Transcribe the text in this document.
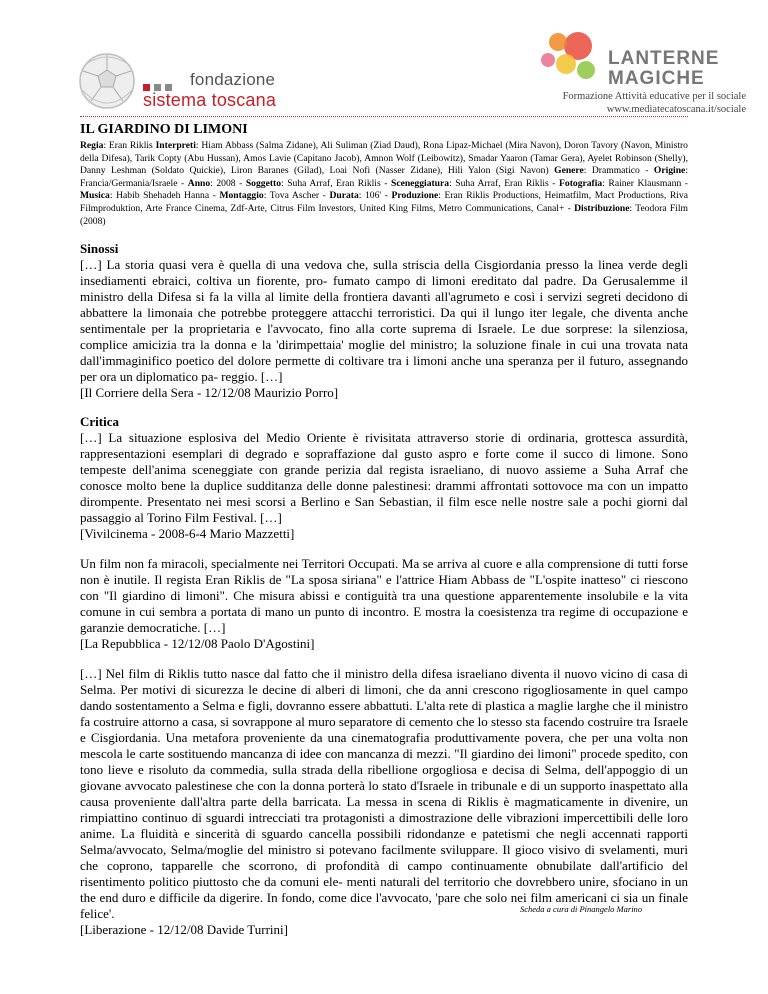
fondazione
sistema toscana
LANTERNE
MAGICHE
Formazione Attività educative per il sociale
www.mediatecatoscana.it/sociale
IL GIARDINO DI LIMONI

Regia: Eran Riklis Interpreti: Hiam Abbass (Salma Zidane), Ali Suliman (Ziad Daud), Rona Lipaz-Michael (Mira Navon), Doron Tavory (Navon, Ministro della Difesa), Tarik Copty (Abu Hussan), Amos Lavie (Capitano Jacob), Amnon Wolf (Leibowitz), Smadar Yaaron (Tamar Gera), Ayelet Robinson (Shelly), Danny Leshman (Soldato Quickie), Liron Baranes (Gilad), Loai Nofi (Nasser Zidane), Hili Yalon (Sigi Navon) Genere: Drammatico - Origine: Francia/Germania/Israele - Anno: 2008 - Soggetto: Suha Arraf, Eran Riklis - Sceneggiatura: Suha Arraf, Eran Riklis - Fotografia: Rainer Klausmann - Musica: Habib Shehadeh Hanna - Montaggio: Tova Ascher - Durata: 106' - Produzione: Eran Riklis Productions, Heimatfilm, Mact Productions, Riva Filmproduktion, Arte France Cinema, Zdf-Arte, Citrus Film Investors, United King Films, Metro Communications, Canal+ - Distribuzione: Teodora Film (2008)

Sinossi

[…] La storia quasi vera è quella di una vedova che, sulla striscia della Cisgiordania presso la linea verde degli insediamenti ebraici, coltiva un fiorente, pro- fumato campo di limoni ereditato dal padre. Da Gerusalemme il ministro della Difesa si fa la villa al limite della frontiera davanti all'agrumeto e così i servizi segreti decidono di abbattere la limonaia che potrebbe proteggere attacchi terroristici. Da qui il lungo iter legale, che diventa anche sentimentale per la proprietaria e l'avvocato, fino alla corte suprema di Israele. Le due sorprese: la silenziosa, complice amicizia tra la donna e la 'dirimpettaia' moglie del ministro; la soluzione finale in cui una trovata nata dall'immaginifico poetico del dolore permette di coltivare tra i limoni anche una speranza per il futuro, assegnando per ora un diplomatico pa- reggio. […]

[Il Corriere della Sera - 12/12/08 Maurizio Porro]

Critica

[…] La situazione esplosiva del Medio Oriente è rivisitata attraverso storie di ordinaria, grottesca assurdità, rappresentazioni esemplari di degrado e sopraffazione dal gusto aspro e forte come il succo di limone. Sono tempeste dell'anima sceneggiate con grande perizia dal regista israeliano, di nuovo assieme a Suha Arraf che conosce molto bene la duplice sudditanza delle donne palestinesi: drammi affrontati sottovoce ma con un impatto dirompente. Presentato nei mesi scorsi a Berlino e San Sebastian, il film esce nelle nostre sale a pochi giorni dal passaggio al Torino Film Festival. […]

[Vivilcinema - 2008-6-4 Mario Mazzetti]

Un film non fa miracoli, specialmente nei Territori Occupati. Ma se arriva al cuore e alla comprensione di tutti forse non è inutile. Il regista Eran Riklis de "La sposa siriana" e l'attrice Hiam Abbass de "L'ospite inatteso" ci riescono con "Il giardino di limoni". Che misura abissi e contiguità tra una questione apparentemente insolubile e la vita comune in cui sembra a portata di mano un punto di incontro. E mostra la coesistenza tra regime di occupazione e garanzie democratiche. […]

[La Repubblica - 12/12/08 Paolo D'Agostini]

[…] Nel film di Riklis tutto nasce dal fatto che il ministro della difesa israeliano diventa il nuovo vicino di casa di Selma. Per motivi di sicurezza le decine di alberi di limoni, che da anni crescono rigogliosamente in quel campo dando sostentamento a Selma e figli, dovranno essere abbattuti. L'alta rete di plastica a maglie larghe che il ministro fa costruire attorno a casa, si sovrappone al muro separatore di cemento che lo stesso sta facendo costruire tra Israele e Cisgiordania. Una metafora proveniente da una cinematografia produttivamente povera, che per una volta non mescola le carte sostituendo mancanza di idee con mancanza di mezzi. "Il giardino dei limoni" procede spedito, con tono lieve e risoluto da commedia, sulla strada della ribellione orgogliosa e decisa di Selma, dell'appoggio di un giovane avvocato palestinese che con la donna porterà lo stato d'Israele in tribunale e di un supporto inaspettato alla causa proveniente dall'altra parte della barricata. La messa in scena di Riklis è magmaticamente in divenire, un rimpiattino continuo di sguardi intrecciati tra protagonisti a dimostrazione delle vibrazioni impercettibili delle loro anime. La fluidità e sincerità di sguardo cancella possibili ridondanze e patetismi che negli accennati rapporti Selma/avvocato, Selma/moglie del ministro si potevano facilmente sviluppare. Il gioco visivo di svelamenti, muri che coprono, tapparelle che scorrono, di profondità di campo continuamente obnubilate dall'artificio del risentimento politico piuttosto che da comuni ele- menti naturali del territorio che dovrebbero unire, sfociano in un the end duro e difficile da digerire. In fondo, come dice l'avvocato, 'pare che solo nei film americani ci sia un finale felice'.

[Liberazione - 12/12/08 Davide Turrini]

Scheda a cura di Pinangelo Marino
